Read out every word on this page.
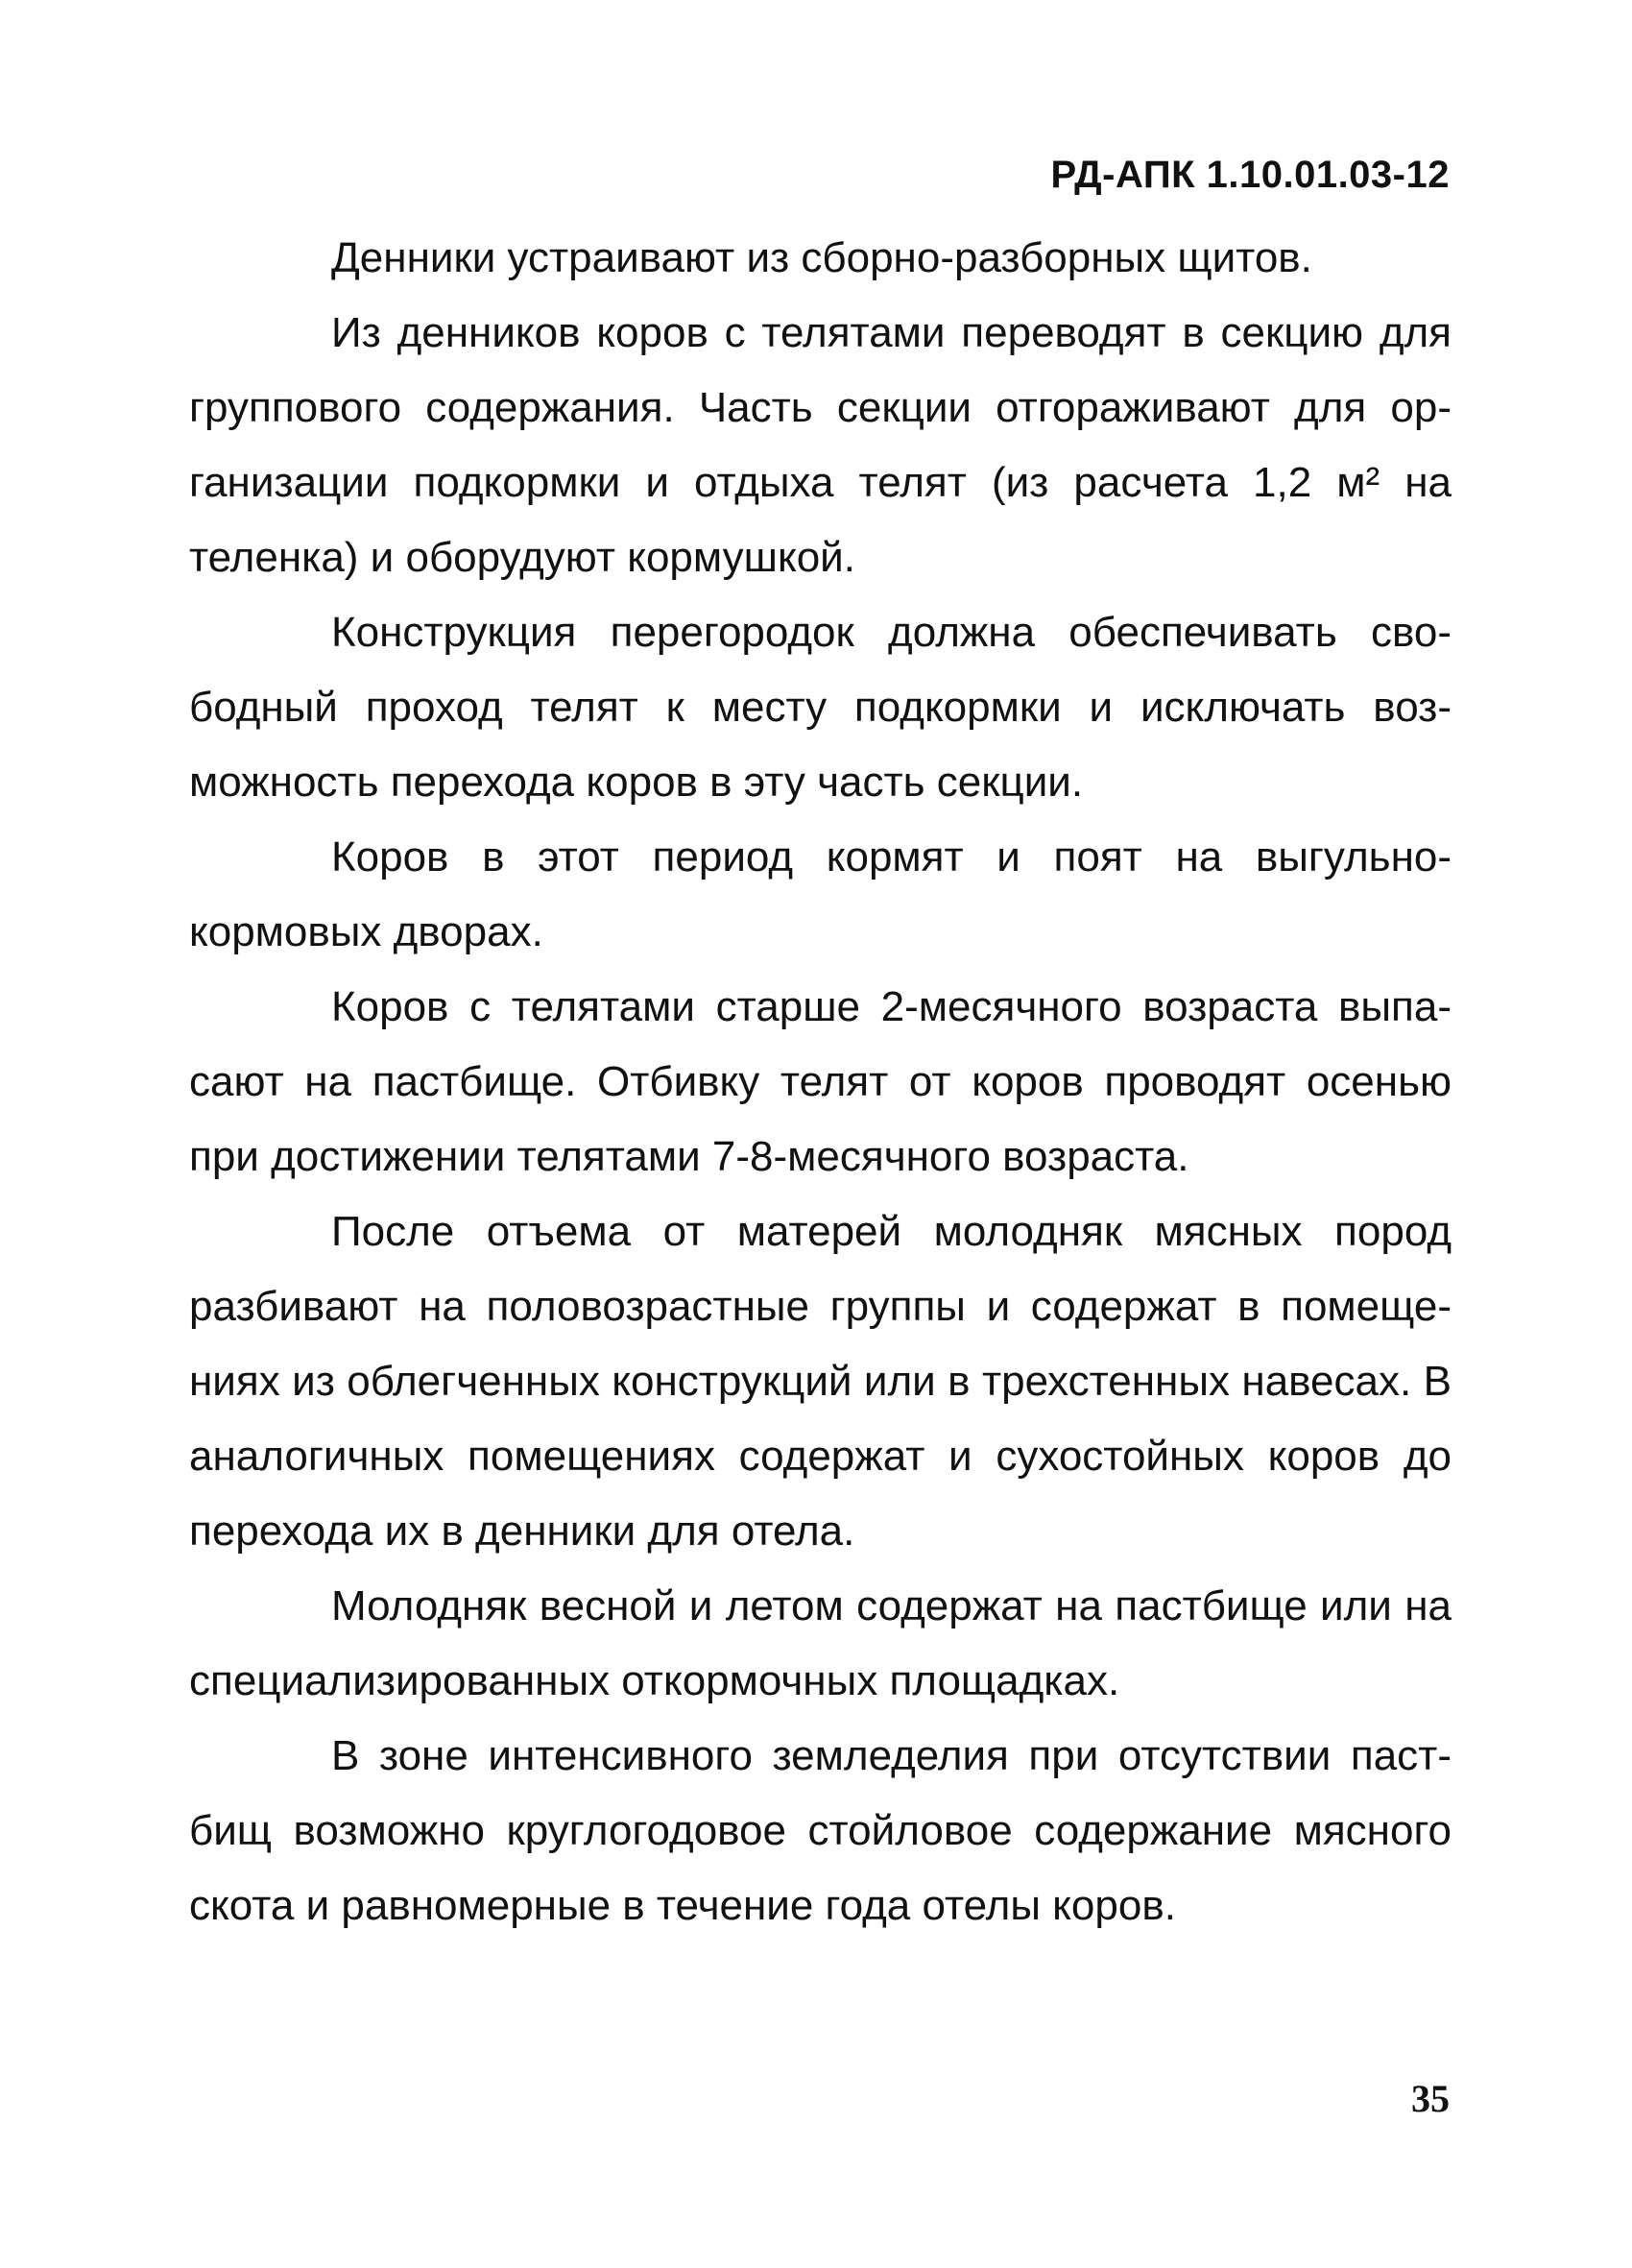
РД-АПК 1.10.01.03-12

Денники устраивают из сборно-разборных щитов.

Из денников коров с телятами переводят в секцию для группового содержания. Часть секции отгораживают для организации подкормки и отдыха телят (из расчета 1,2 м² на теленка) и оборудуют кормушкой.

Конструкция перегородок должна обеспечивать свободный проход телят к месту подкормки и исключать возможность перехода коров в эту часть секции.

Коров в этот период кормят и поят на выгульно-кормовых дворах.

Коров с телятами старше 2-месячного возраста выпасают на пастбище. Отбивку телят от коров проводят осенью при достижении телятами 7-8-месячного возраста.

После отъема от матерей молодняк мясных пород разбивают на половозрастные группы и содержат в помещениях из облегченных конструкций или в трехстенных навесах. В аналогичных помещениях содержат и сухостойных коров до перехода их в денники для отела.

Молодняк весной и летом содержат на пастбище или на специализированных откормочных площадках.

В зоне интенсивного земледелия при отсутствии пастбищ возможно круглогодовое стойловое содержание мясного скота и равномерные в течение года отелы коров.

35
